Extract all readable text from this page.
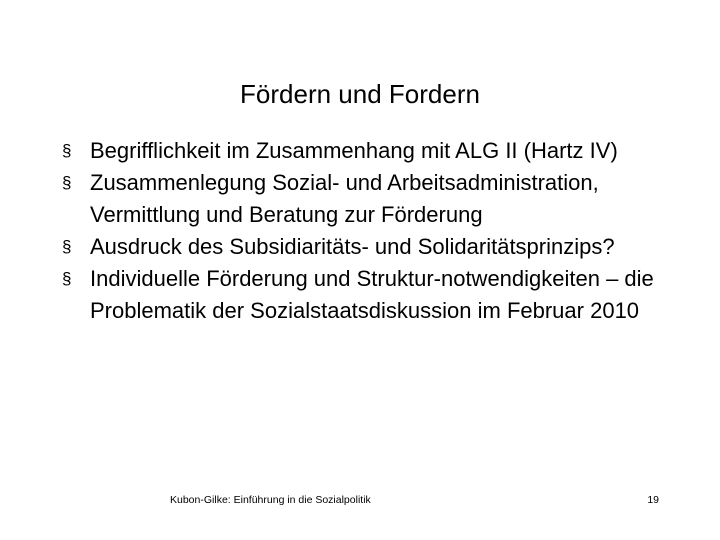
Fördern und Fordern
§ Begrifflichkeit im Zusammenhang mit ALG II (Hartz IV)
§ Zusammenlegung Sozial- und Arbeitsadministration, Vermittlung und Beratung zur Förderung
§ Ausdruck des Subsidiaritäts- und Solidaritätsprinzips?
§ Individuelle Förderung und Struktur-notwendigkeiten – die Problematik der Sozialstaatsdiskussion im Februar 2010
Kubon-Gilke: Einführung in die Sozialpolitik	19
